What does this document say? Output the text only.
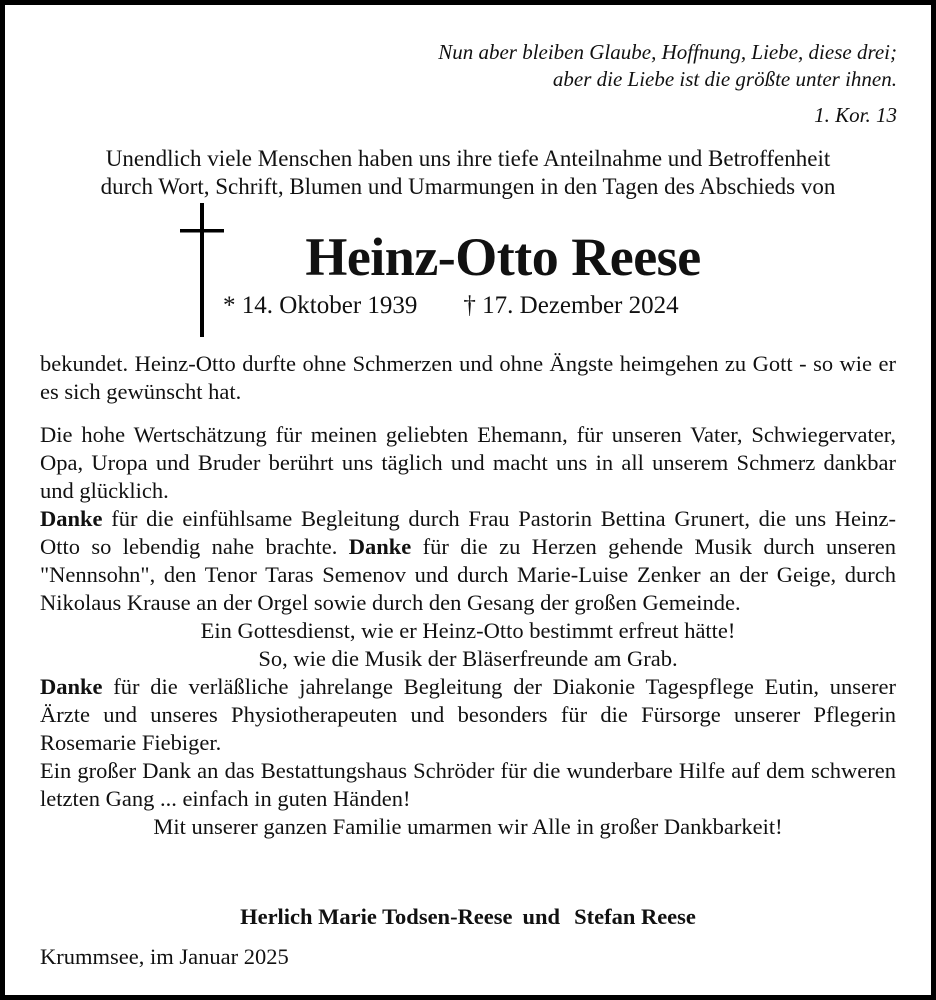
Nun aber bleiben Glaube, Hoffnung, Liebe, diese drei;
aber die Liebe ist die größte unter ihnen.
1. Kor. 13
Unendlich viele Menschen haben uns ihre tiefe Anteilnahme und Betroffenheit
durch Wort, Schrift, Blumen und Umarmungen in den Tagen des Abschieds von
Heinz-Otto Reese
* 14. Oktober 1939 † 17. Dezember 2024

bekundet. Heinz-Otto durfte ohne Schmerzen und ohne Ängste heimgehen zu Gott - so wie er es sich gewünscht hat.

Die hohe Wertschätzung für meinen geliebten Ehemann, für unseren Vater, Schwiegervater, Opa, Uropa und Bruder berührt uns täglich und macht uns in all unserem Schmerz dankbar und glücklich.

Danke für die einfühlsame Begleitung durch Frau Pastorin Bettina Grunert, die uns Heinz-Otto so lebendig nahe brachte. Danke für die zu Herzen gehende Musik durch unseren "Nennsohn", den Tenor Taras Semenov und durch Marie-Luise Zenker an der Geige, durch Nikolaus Krause an der Orgel sowie durch den Gesang der großen Gemeinde.

Ein Gottesdienst, wie er Heinz-Otto bestimmt erfreut hätte!

So, wie die Musik der Bläserfreunde am Grab.

Danke für die verläßliche jahrelange Begleitung der Diakonie Tagespflege Eutin, unserer Ärzte und unseres Physiotherapeuten und besonders für die Fürsorge unserer Pflegerin Rosemarie Fiebiger.

Ein großer Dank an das Bestattungshaus Schröder für die wunderbare Hilfe auf dem schweren letzten Gang ... einfach in guten Händen!

Mit unserer ganzen Familie umarmen wir Alle in großer Dankbarkeit!

Herlich Marie Todsen-Reese und Stefan Reese
Krummsee, im Januar 2025
